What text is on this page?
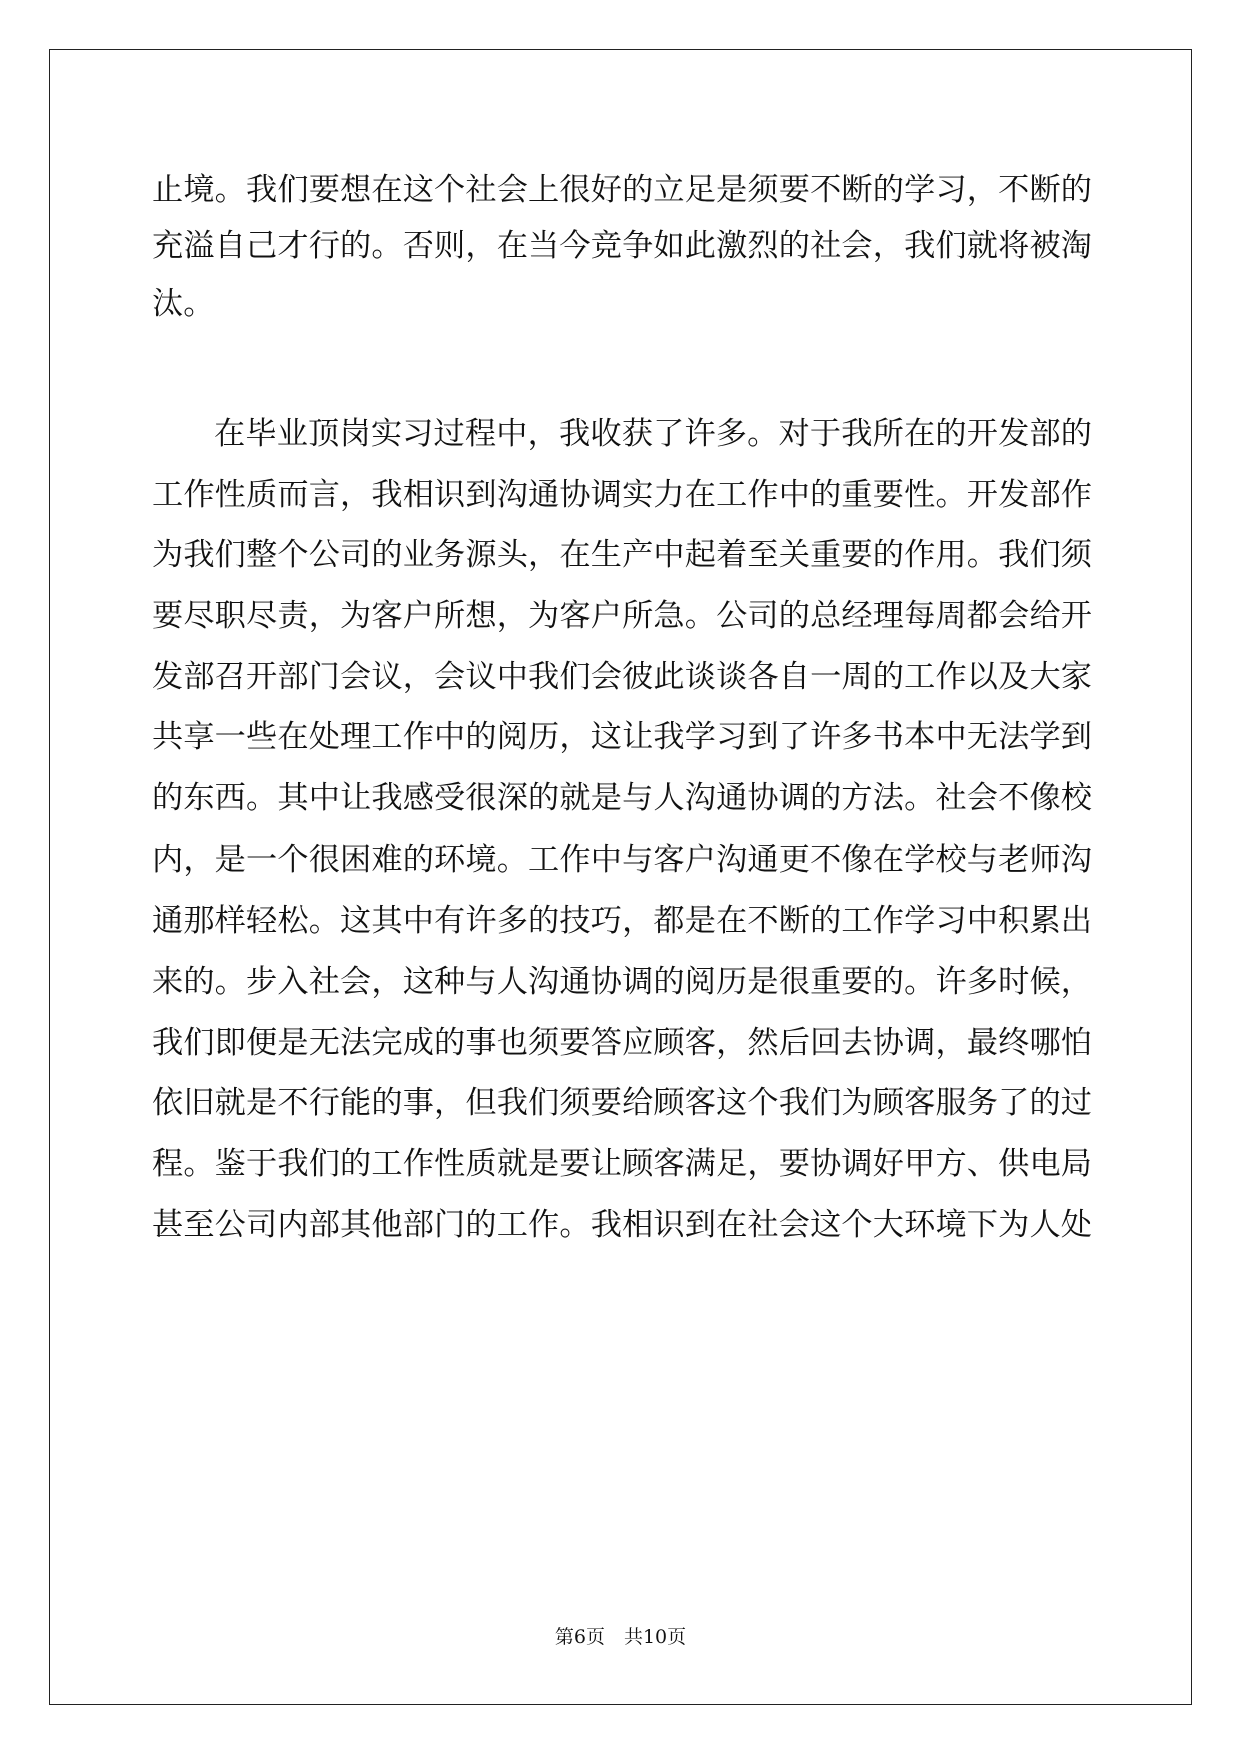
止境。我们要想在这个社会上很好的立足是须要不断的学习，不断的
充溢自己才行的。否则，在当今竞争如此激烈的社会，我们就将被淘
汰。
在毕业顶岗实习过程中，我收获了许多。对于我所在的开发部的
工作性质而言，我相识到沟通协调实力在工作中的重要性。开发部作
为我们整个公司的业务源头，在生产中起着至关重要的作用。我们须
要尽职尽责，为客户所想，为客户所急。公司的总经理每周都会给开
发部召开部门会议，会议中我们会彼此谈谈各自一周的工作以及大家
共享一些在处理工作中的阅历，这让我学习到了许多书本中无法学到
的东西。其中让我感受很深的就是与人沟通协调的方法。社会不像校
内，是一个很困难的环境。工作中与客户沟通更不像在学校与老师沟
通那样轻松。这其中有许多的技巧，都是在不断的工作学习中积累出
来的。步入社会，这种与人沟通协调的阅历是很重要的。许多时候，
我们即便是无法完成的事也须要答应顾客，然后回去协调，最终哪怕
依旧就是不行能的事，但我们须要给顾客这个我们为顾客服务了的过
程。鉴于我们的工作性质就是要让顾客满足，要协调好甲方、供电局
甚至公司内部其他部门的工作。我相识到在社会这个大环境下为人处
第6页　共10页
